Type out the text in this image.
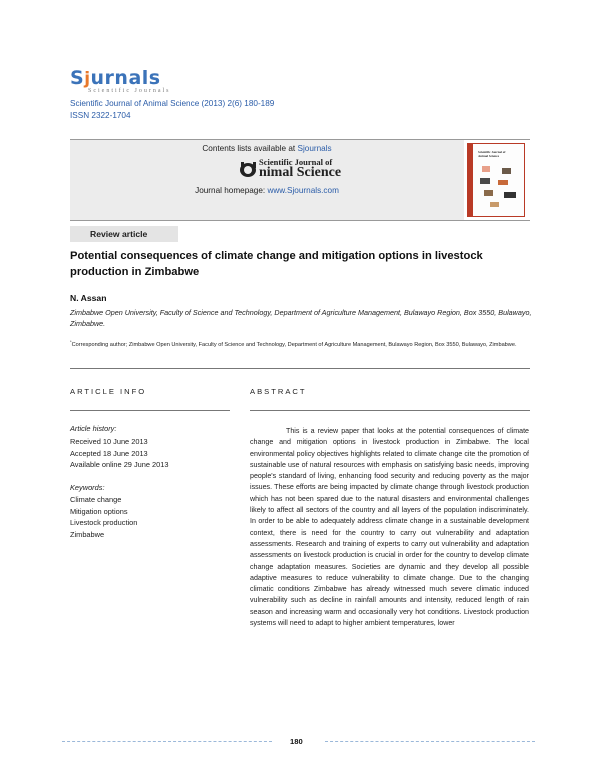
Sjurnals
Scientific Journals
Scientific Journal of Animal Science (2013) 2(6) 180-189
ISSN 2322-1704
Contents lists available at Sjournals
Scientific Journal of
nimal Science
Journal homepage: www.Sjournals.com
Scientific Journal of
Animal Science
Review article
Potential consequences of climate change and mitigation options in livestock production in Zimbabwe
N. Assan
Zimbabwe Open University, Faculty of Science and Technology, Department of Agriculture Management, Bulawayo Region, Box 3550, Bulawayo, Zimbabwe.
*Corresponding author; Zimbabwe Open University, Faculty of Science and Technology, Department of Agriculture Management, Bulawayo Region, Box 3550, Bulawayo, Zimbabwe.
ARTICLE INFO	ABSTRACT
Article history:
Received 10 June 2013
Accepted 18 June 2013
Available online 29 June 2013
Keywords:
Climate change
Mitigation options
Livestock production
Zimbabwe
This is a review paper that looks at the potential consequences of climate change and mitigation options in livestock production in Zimbabwe. The local environmental policy objectives highlights related to climate change cite the promotion of sustainable use of natural resources with emphasis on satisfying basic needs, improving people's standard of living, enhancing food security and reducing poverty as the major issues. These efforts are being impacted by climate change through livestock production which has not been spared due to the natural disasters and environmental challenges likely to affect all sectors of the country and all layers of the population indiscriminately. In order to be able to adequately address climate change in a sustainable development context, there is need for the country to carry out vulnerability and adaptation assessments. Research and training of experts to carry out vulnerability and adaptation assessments on livestock production is crucial in order for the country to develop climate change adaptation measures. Societies are dynamic and they develop all possible adaptive measures to reduce vulnerability to climate change. Due to the changing climatic conditions Zimbabwe has already witnessed much severe climatic induced vulnerability such as decline in rainfall amounts and intensity, reduced length of rain season and increasing warm and occasionally very hot conditions. Livestock production systems will need to adapt to higher ambient temperatures, lower
180
